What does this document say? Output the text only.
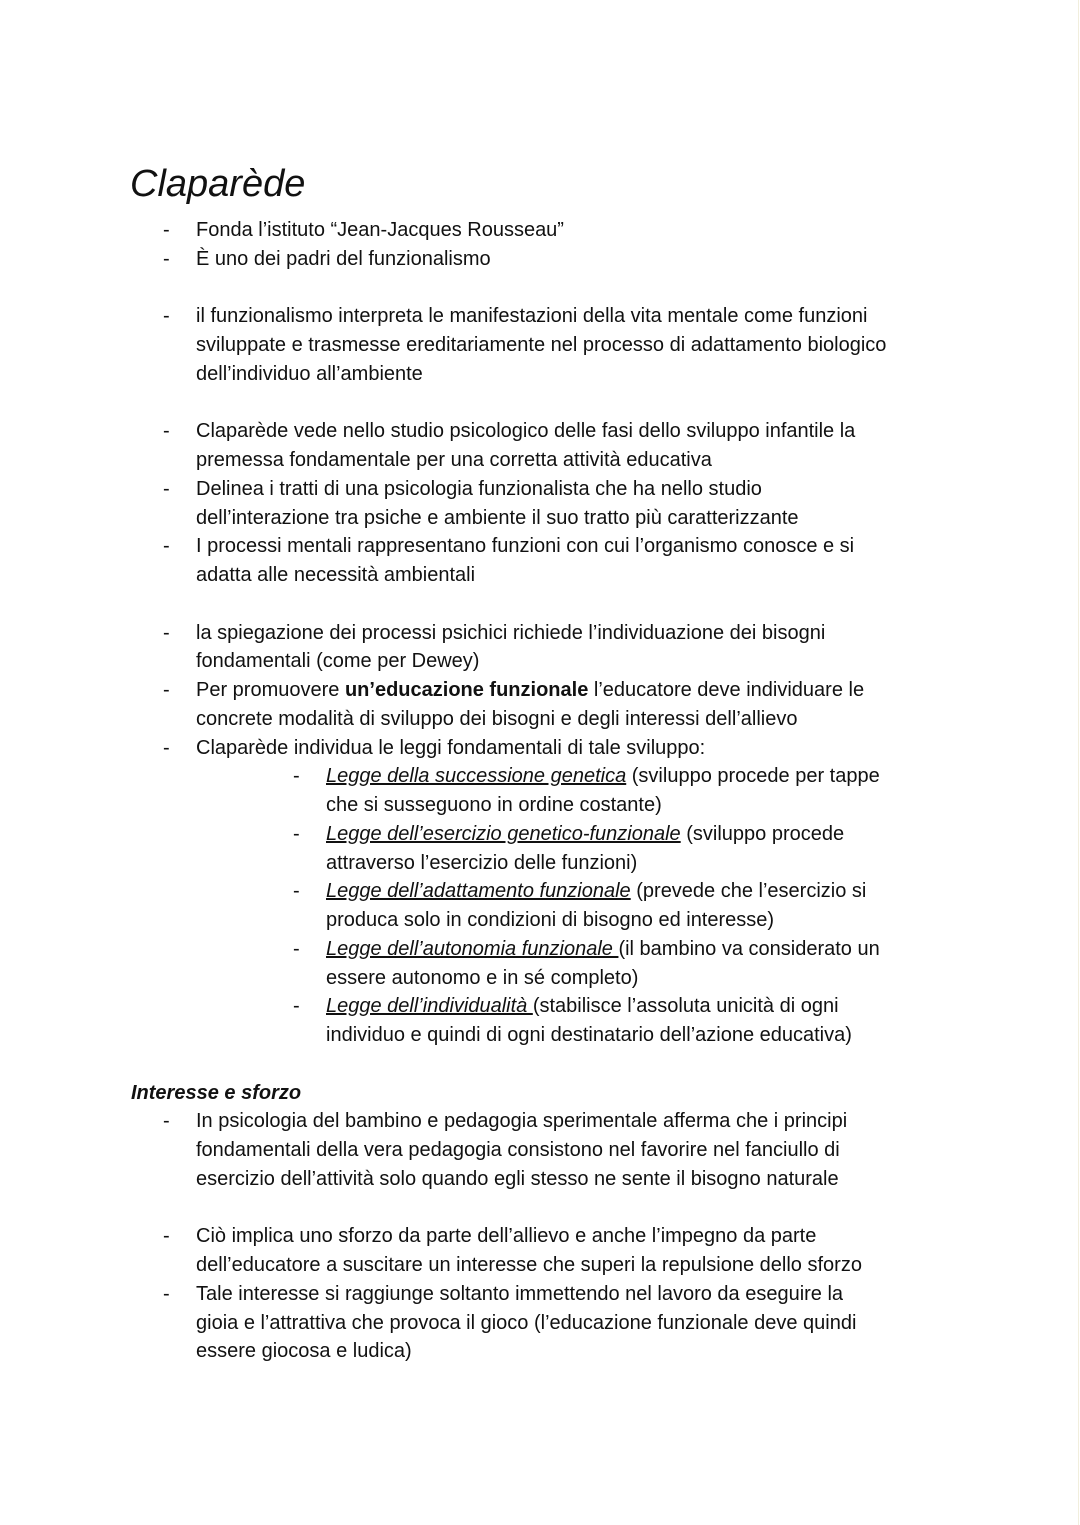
Claparède
- Fonda l’istituto “Jean-Jacques Rousseau”
- È uno dei padri del funzionalismo
- il funzionalismo interpreta le manifestazioni della vita mentale come funzioni
sviluppate e trasmesse ereditariamente nel processo di adattamento biologico
dell’individuo all’ambiente
- Claparède vede nello studio psicologico delle fasi dello sviluppo infantile la
premessa fondamentale per una corretta attività educativa
- Delinea i tratti di una psicologia funzionalista che ha nello studio
dell’interazione tra psiche e ambiente il suo tratto più caratterizzante
- I processi mentali rappresentano funzioni con cui l’organismo conosce e si
adatta alle necessità ambientali
- la spiegazione dei processi psichici richiede l’individuazione dei bisogni
fondamentali (come per Dewey)
- Per promuovere un’educazione funzionale l’educatore deve individuare le
concrete modalità di sviluppo dei bisogni e degli interessi dell’allievo
- Claparède individua le leggi fondamentali di tale sviluppo:
- Legge della successione genetica (sviluppo procede per tappe
che si susseguono in ordine costante)
- Legge dell’esercizio genetico-funzionale (sviluppo procede
attraverso l’esercizio delle funzioni)
- Legge dell’adattamento funzionale (prevede che l’esercizio si
produca solo in condizioni di bisogno ed interesse)
- Legge dell’autonomia funzionale (il bambino va considerato un
essere autonomo e in sé completo)
- Legge dell’individualità (stabilisce l’assoluta unicità di ogni
individuo e quindi di ogni destinatario dell’azione educativa)
Interesse e sforzo
- In psicologia del bambino e pedagogia sperimentale afferma che i principi
fondamentali della vera pedagogia consistono nel favorire nel fanciullo di
esercizio dell’attività solo quando egli stesso ne sente il bisogno naturale
- Ciò implica uno sforzo da parte dell’allievo e anche l’impegno da parte
dell’educatore a suscitare un interesse che superi la repulsione dello sforzo
- Tale interesse si raggiunge soltanto immettendo nel lavoro da eseguire la
gioia e l’attrattiva che provoca il gioco (l’educazione funzionale deve quindi
essere giocosa e ludica)
